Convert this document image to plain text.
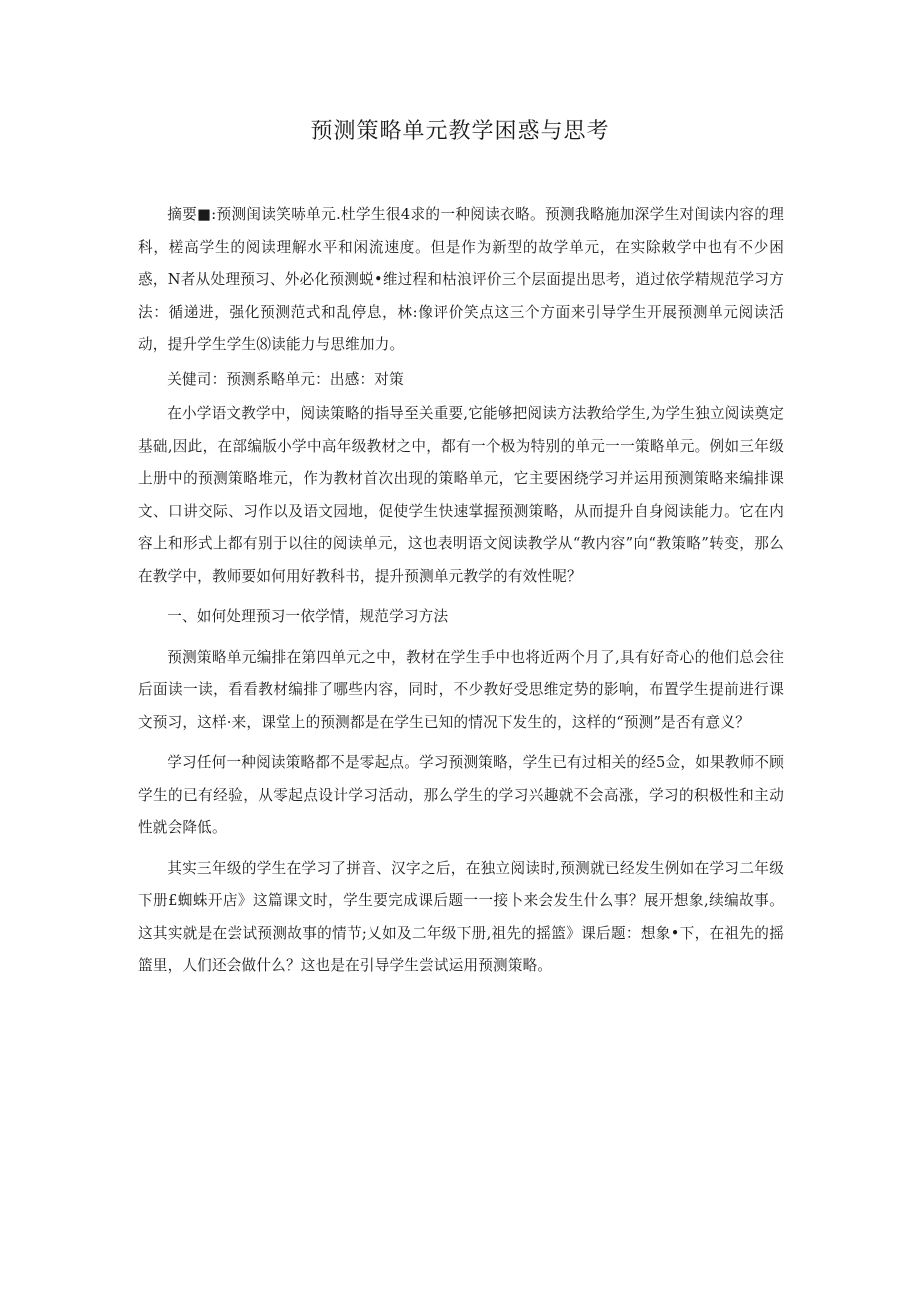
预测策略单元教学困惑与思考

摘要■:预测闺读笑哧单元.杜学生很4求的一种阅读衣略。预测我略施加深学生对闺读内容的理科，槎高学生的阅读理解水平和闲流速度。但是作为新型的故学单元，在实除敕学中也有不少困惑，N者从处理预习、外必化预测蜕•维过程和枯浪评价三个层面提出思考，逍过依学精规范学习方法：循递进，强化预测范式和乱停息，林:像评价笑点这三个方面来引导学生开展预测单元阅读活动，提升学生学生⑻读能力与思维加力。

关健司：预测系略单元：出感：对策

在小学语文教学中，阅读策略的指导至关重要,它能够把阅读方法教给学生,为学生独立阅读奠定基础,因此，在部编版小学中高年级教材之中，都有一个极为特别的单元一一策略单元。例如三年级上册中的预测策略堆元，作为教材首次出现的策略单元，它主要困绕学习并运用预测策略来编排课文、口讲交际、习作以及语文园地，促使学生快速掌握预测策略，从而提升自身阅读能力。它在内容上和形式上都有别于以往的阅读单元，这也表明语文阅读教学从“教内容”向“教策略”转变，那么在教学中，教师要如何用好教科书，提升预测单元教学的有效性呢？

一、如何处理预习一依学情，规范学习方法

预测策略单元编排在第四单元之中，教材在学生手中也将近两个月了,具有好奇心的他们总会往后面读一读，看看教材编排了哪些内容，同时，不少教好受思维定势的影响，布置学生提前进行课文预习，这样·来，课堂上的预测都是在学生已知的情况下发生的，这样的“预测”是否有意义？

学习任何一种阅读策略都不是零起点。学习预测策略，学生已有过相关的经5佥，如果教师不顾学生的已有经验，从零起点设计学习活动，那么学生的学习兴趣就不会高涨，学习的积极性和主动性就会降低。

其实三年级的学生在学习了拼音、汉字之后，在独立阅读时,预测就已经发生例如在学习二年级下册£蜘蛛开店》这篇课文时，学生要完成课后题一一接卜来会发生什么事？展开想象,续编故事。这其实就是在尝试预测故事的情节;乂如及二年级下册,祖先的摇篮》课后题：想象•下，在祖先的摇篮里，人们还会做什么？这也是在引导学生尝试运用预测策略。
